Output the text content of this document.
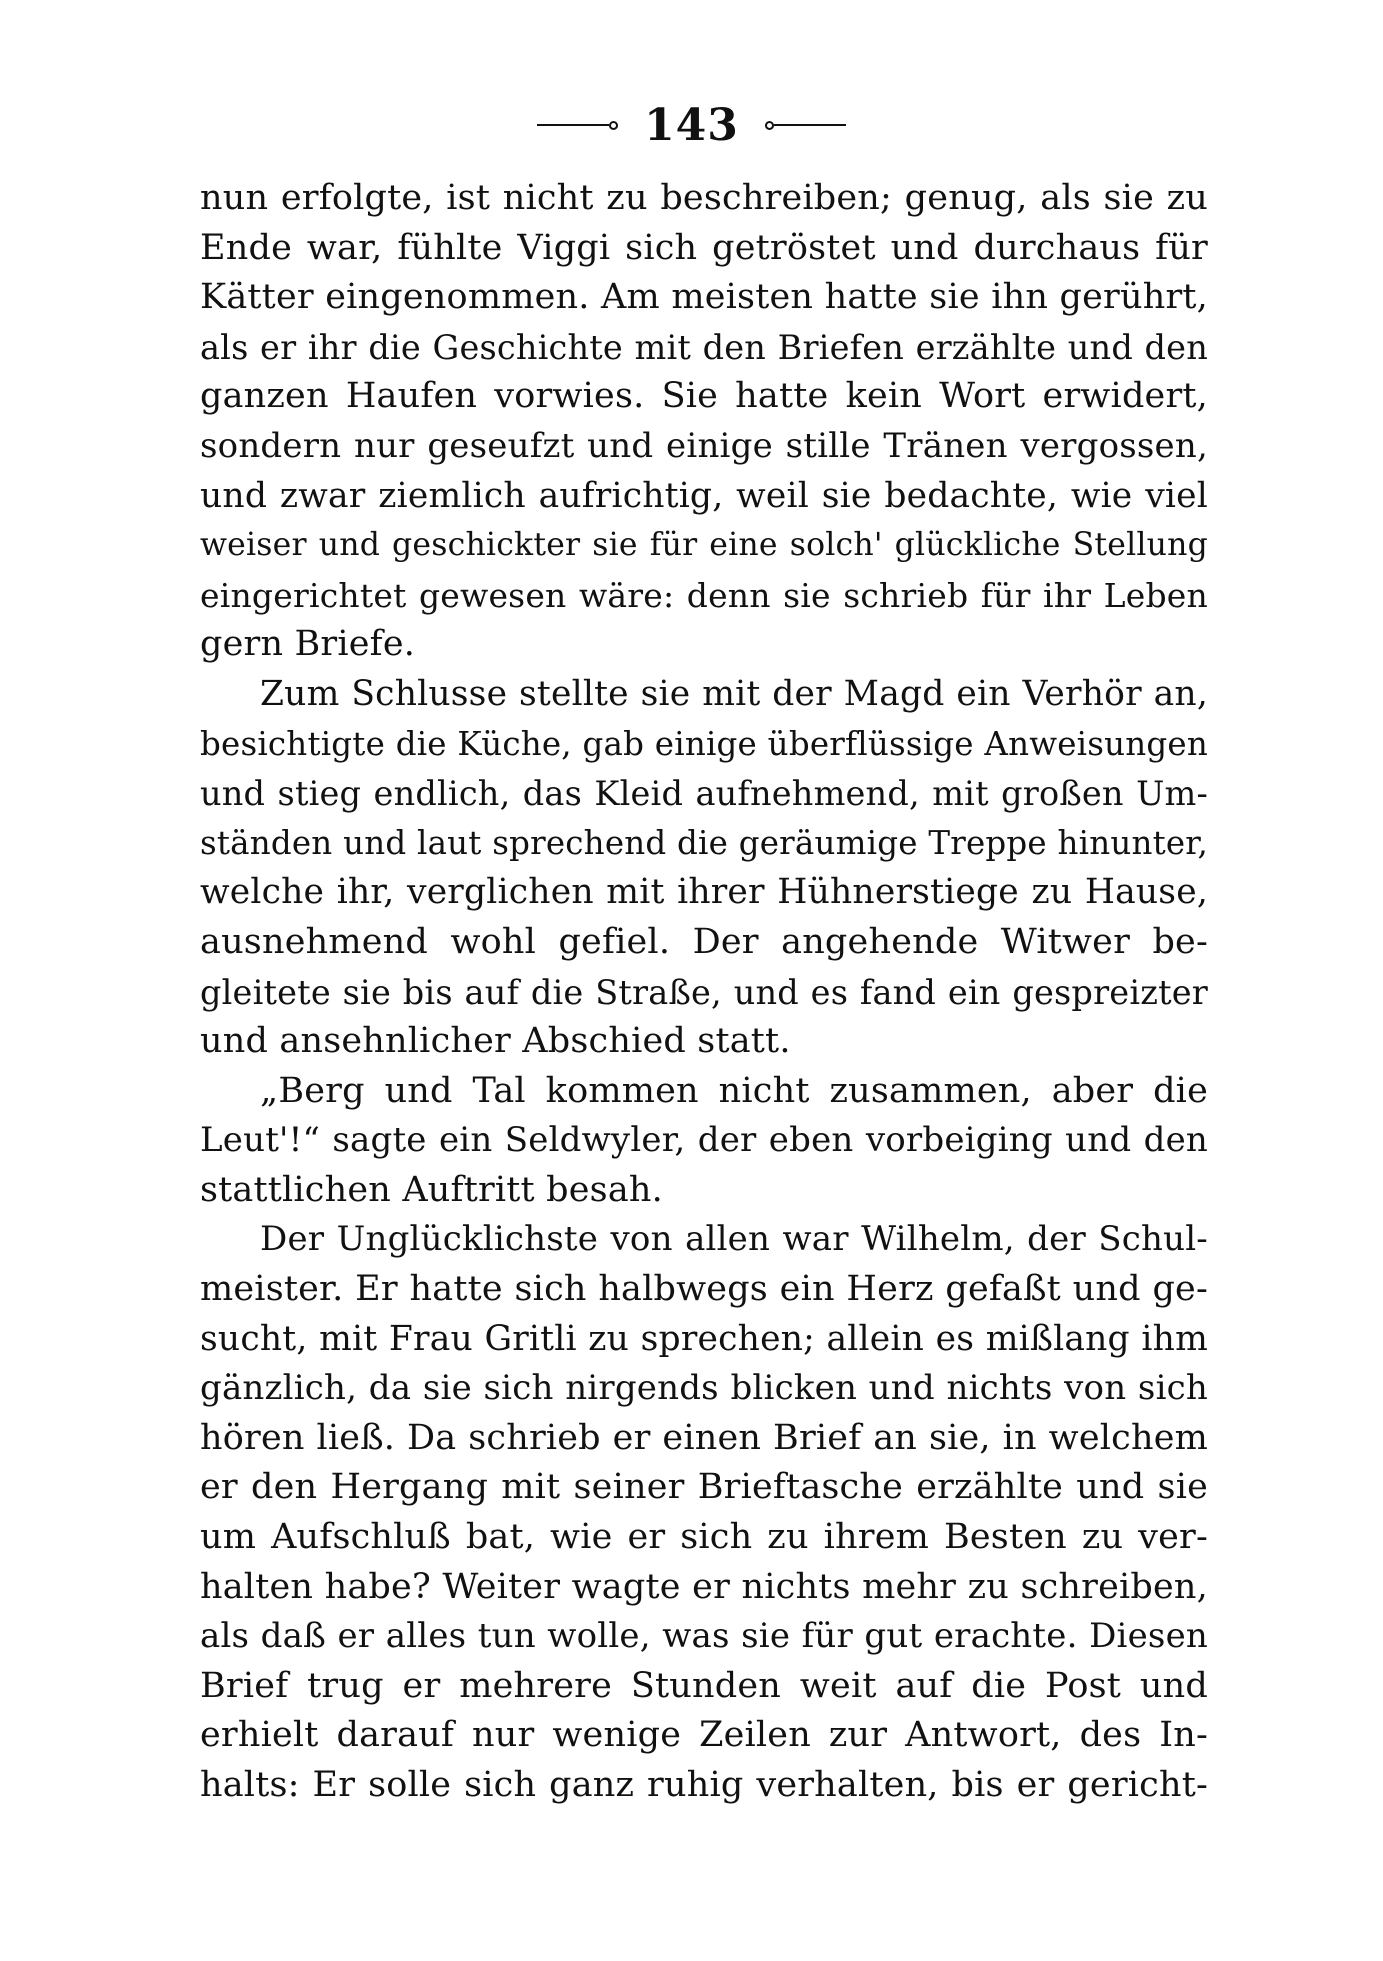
143
nun erfolgte, ist nicht zu beschreiben; genug, als sie zu
Ende war, fühlte Viggi sich getröstet und durchaus für
Kätter eingenommen. Am meisten hatte sie ihn gerührt,
als er ihr die Geschichte mit den Briefen erzählte und den
ganzen Haufen vorwies. Sie hatte kein Wort erwidert,
sondern nur geseufzt und einige stille Tränen vergossen,
und zwar ziemlich aufrichtig, weil sie bedachte, wie viel
weiser und geschickter sie für eine solch' glückliche Stellung
eingerichtet gewesen wäre: denn sie schrieb für ihr Leben
gern Briefe.
Zum Schlusse stellte sie mit der Magd ein Verhör an,
besichtigte die Küche, gab einige überflüssige Anweisungen
und stieg endlich, das Kleid aufnehmend, mit großen Um-
ständen und laut sprechend die geräumige Treppe hinunter,
welche ihr, verglichen mit ihrer Hühnerstiege zu Hause,
ausnehmend wohl gefiel. Der angehende Witwer be-
gleitete sie bis auf die Straße, und es fand ein gespreizter
und ansehnlicher Abschied statt.
„Berg und Tal kommen nicht zusammen, aber die
Leut'!“ sagte ein Seldwyler, der eben vorbeiging und den
stattlichen Auftritt besah.
Der Unglücklichste von allen war Wilhelm, der Schul-
meister. Er hatte sich halbwegs ein Herz gefaßt und ge-
sucht, mit Frau Gritli zu sprechen; allein es mißlang ihm
gänzlich, da sie sich nirgends blicken und nichts von sich
hören ließ. Da schrieb er einen Brief an sie, in welchem
er den Hergang mit seiner Brieftasche erzählte und sie
um Aufschluß bat, wie er sich zu ihrem Besten zu ver-
halten habe? Weiter wagte er nichts mehr zu schreiben,
als daß er alles tun wolle, was sie für gut erachte. Diesen
Brief trug er mehrere Stunden weit auf die Post und
erhielt darauf nur wenige Zeilen zur Antwort, des In-
halts: Er solle sich ganz ruhig verhalten, bis er gericht-
